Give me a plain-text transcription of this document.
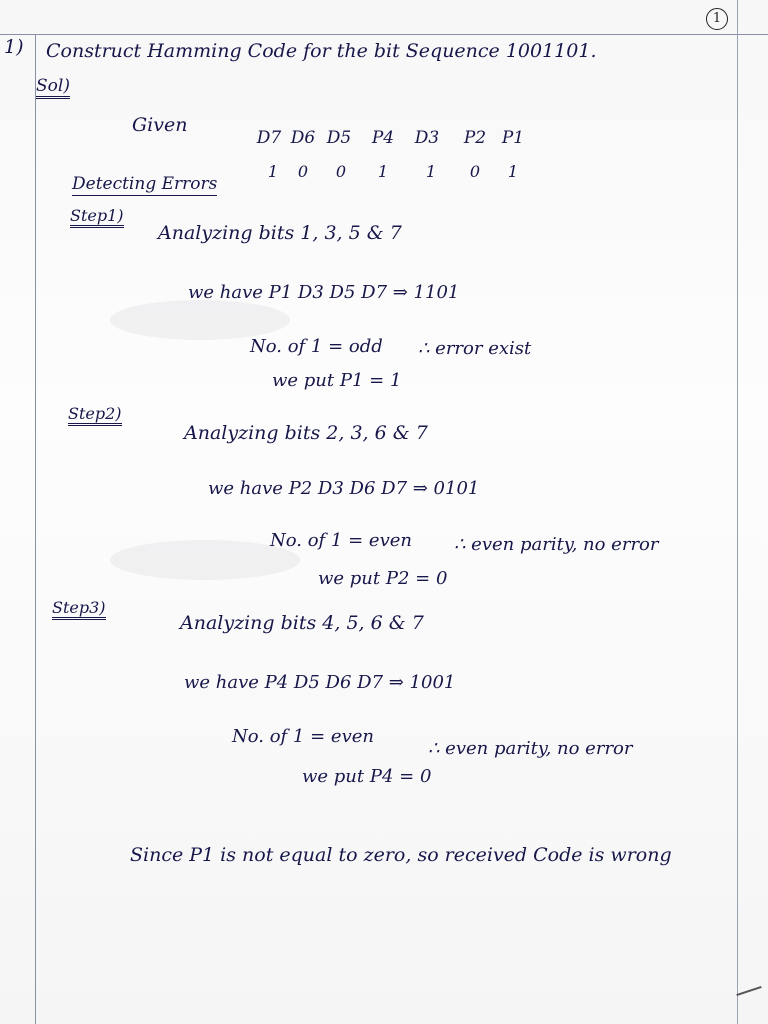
1
1) Construct Hamming Code for the bit Sequence 1001101.
Sol)
Given
D7 D6 D5	P4	D3	P2 P1
1	0	0	1	1	0	1
Detecting Errors
Step1)
Analyzing bits 1, 3, 5 & 7
we have P1 D3 D5 D7 ⇒ 1101
No. of 1 = odd ∴ error exist
we put P1 = 1
Step2)
Analyzing bits 2, 3, 6 & 7
we have P2 D3 D6 D7 ⇒ 0101
No. of 1 = even ∴ even parity, no error
we put P2 = 0
Step3)
Analyzing bits 4, 5, 6 & 7
we have P4 D5 D6 D7 ⇒ 1001
No. of 1 = even
∴ even parity, no error
we put P4 = 0
Since P1 is not equal to zero, so received Code is wrong
